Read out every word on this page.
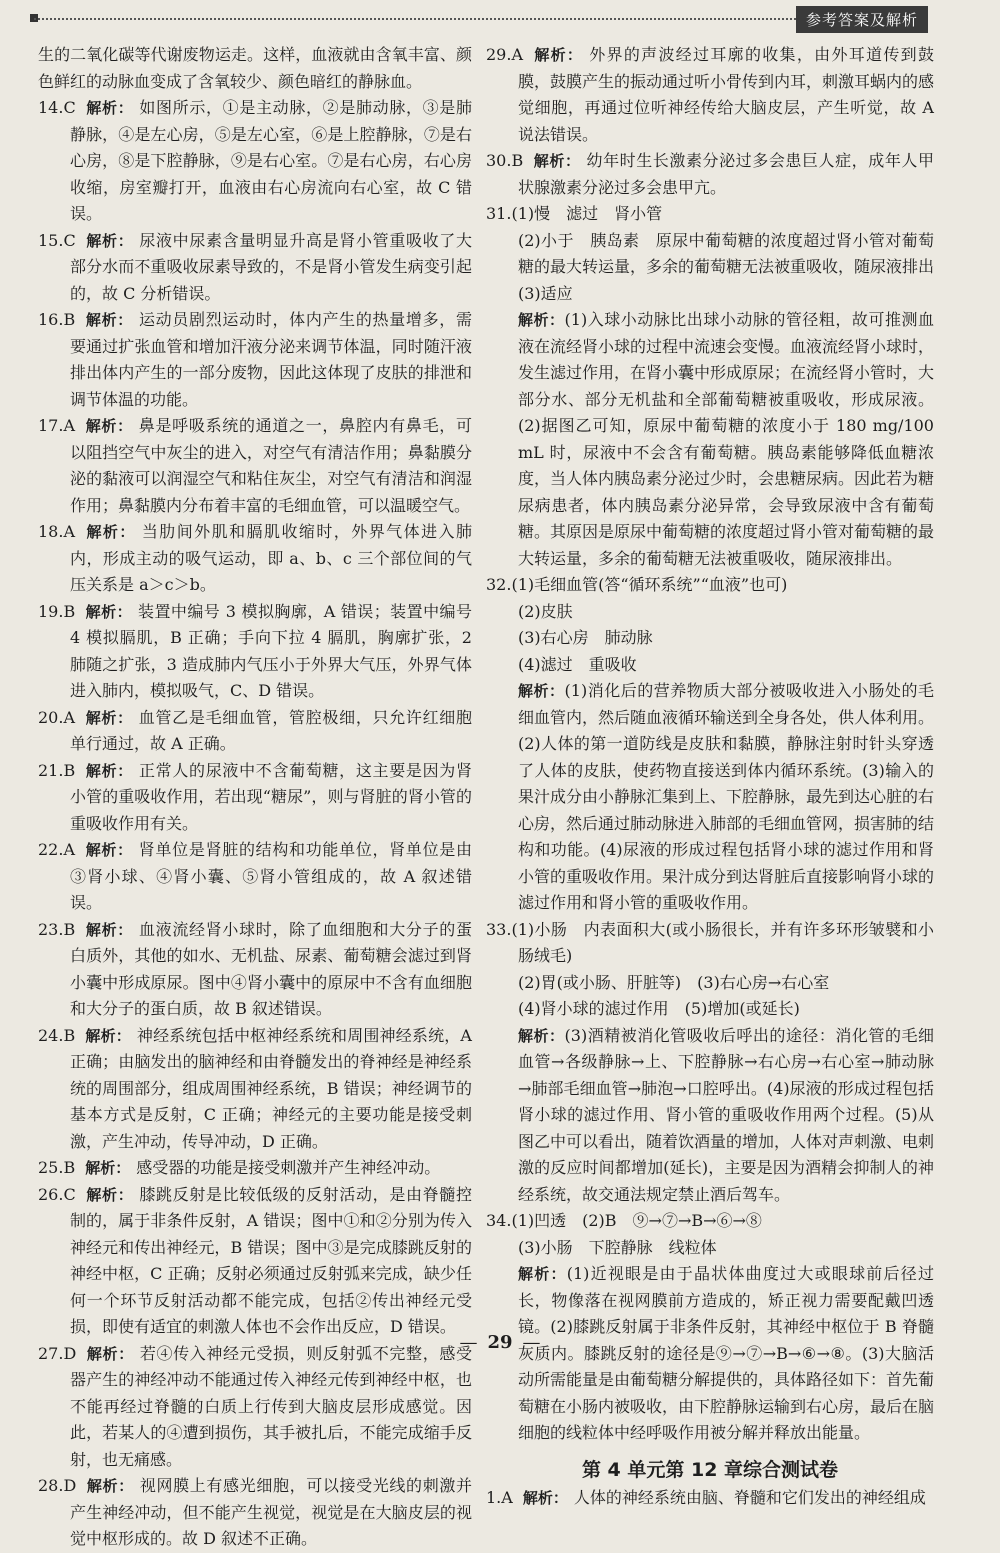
参考答案及解析

生的二氧化碳等代谢废物运走。这样，血液就由含氧丰富、颜色鲜红的动脉血变成了含氧较少、颜色暗红的静脉血。

14.C 解析： 如图所示，①是主动脉，②是肺动脉，③是肺静脉，④是左心房，⑤是左心室，⑥是上腔静脉，⑦是右心房，⑧是下腔静脉，⑨是右心室。⑦是右心房，右心房收缩，房室瓣打开，血液由右心房流向右心室，故 C 错误。

15.C 解析： 尿液中尿素含量明显升高是肾小管重吸收了大部分水而不重吸收尿素导致的，不是肾小管发生病变引起的，故 C 分析错误。

16.B 解析： 运动员剧烈运动时，体内产生的热量增多，需要通过扩张血管和增加汗液分泌来调节体温，同时随汗液排出体内产生的一部分废物，因此这体现了皮肤的排泄和调节体温的功能。

17.A 解析： 鼻是呼吸系统的通道之一，鼻腔内有鼻毛，可以阻挡空气中灰尘的进入，对空气有清洁作用；鼻黏膜分泌的黏液可以润湿空气和粘住灰尘，对空气有清洁和润湿作用；鼻黏膜内分布着丰富的毛细血管，可以温暖空气。

18.A 解析： 当肋间外肌和膈肌收缩时，外界气体进入肺内，形成主动的吸气运动，即 a、b、c 三个部位间的气压关系是 a＞c＞b。

19.B 解析： 装置中编号 3 模拟胸廓，A 错误；装置中编号 4 模拟膈肌，B 正确；手向下拉 4 膈肌，胸廓扩张，2 肺随之扩张，3 造成肺内气压小于外界大气压，外界气体进入肺内，模拟吸气，C、D 错误。

20.A 解析： 血管乙是毛细血管，管腔极细，只允许红细胞单行通过，故 A 正确。

21.B 解析： 正常人的尿液中不含葡萄糖，这主要是因为肾小管的重吸收作用，若出现“糖尿”，则与肾脏的肾小管的重吸收作用有关。

22.A 解析： 肾单位是肾脏的结构和功能单位，肾单位是由③肾小球、④肾小囊、⑤肾小管组成的，故 A 叙述错误。

23.B 解析： 血液流经肾小球时，除了血细胞和大分子的蛋白质外，其他的如水、无机盐、尿素、葡萄糖会滤过到肾小囊中形成原尿。图中④肾小囊中的原尿中不含有血细胞和大分子的蛋白质，故 B 叙述错误。

24.B 解析： 神经系统包括中枢神经系统和周围神经系统，A 正确；由脑发出的脑神经和由脊髓发出的脊神经是神经系统的周围部分，组成周围神经系统，B 错误；神经调节的基本方式是反射，C 正确；神经元的主要功能是接受刺激，产生冲动，传导冲动，D 正确。

25.B 解析： 感受器的功能是接受刺激并产生神经冲动。

26.C 解析： 膝跳反射是比较低级的反射活动，是由脊髓控制的，属于非条件反射，A 错误；图中①和②分别为传入神经元和传出神经元，B 错误；图中③是完成膝跳反射的神经中枢，C 正确；反射必须通过反射弧来完成，缺少任何一个环节反射活动都不能完成，包括②传出神经元受损，即使有适宜的刺激人体也不会作出反应，D 错误。

27.D 解析： 若④传入神经元受损，则反射弧不完整，感受器产生的神经冲动不能通过传入神经元传到神经中枢，也不能再经过脊髓的白质上行传到大脑皮层形成感觉。因此，若某人的④遭到损伤，其手被扎后，不能完成缩手反射，也无痛感。

28.D 解析： 视网膜上有感光细胞，可以接受光线的刺激并产生神经冲动，但不能产生视觉，视觉是在大脑皮层的视觉中枢形成的。故 D 叙述不正确。

29.A 解析： 外界的声波经过耳廓的收集，由外耳道传到鼓膜，鼓膜产生的振动通过听小骨传到内耳，刺激耳蜗内的感觉细胞，再通过位听神经传给大脑皮层，产生听觉，故 A 说法错误。

30.B 解析： 幼年时生长激素分泌过多会患巨人症，成年人甲状腺激素分泌过多会患甲亢。

31.(1)慢　滤过　肾小管

(2)小于　胰岛素　原尿中葡萄糖的浓度超过肾小管对葡萄糖的最大转运量，多余的葡萄糖无法被重吸收，随尿液排出

(3)适应

解析：(1)入球小动脉比出球小动脉的管径粗，故可推测血液在流经肾小球的过程中流速会变慢。血液流经肾小球时，发生滤过作用，在肾小囊中形成原尿；在流经肾小管时，大部分水、部分无机盐和全部葡萄糖被重吸收，形成尿液。(2)据图乙可知，原尿中葡萄糖的浓度小于 180 mg/100 mL 时，尿液中不会含有葡萄糖。胰岛素能够降低血糖浓度，当人体内胰岛素分泌过少时，会患糖尿病。因此若为糖尿病患者，体内胰岛素分泌异常，会导致尿液中含有葡萄糖。其原因是原尿中葡萄糖的浓度超过肾小管对葡萄糖的最大转运量，多余的葡萄糖无法被重吸收，随尿液排出。

32.(1)毛细血管(答“循环系统”“血液”也可)

(2)皮肤

(3)右心房　肺动脉

(4)滤过　重吸收

解析：(1)消化后的营养物质大部分被吸收进入小肠处的毛细血管内，然后随血液循环输送到全身各处，供人体利用。(2)人体的第一道防线是皮肤和黏膜，静脉注射时针头穿透了人体的皮肤，使药物直接送到体内循环系统。(3)输入的果汁成分由小静脉汇集到上、下腔静脉，最先到达心脏的右心房，然后通过肺动脉进入肺部的毛细血管网，损害肺的结构和功能。(4)尿液的形成过程包括肾小球的滤过作用和肾小管的重吸收作用。果汁成分到达肾脏后直接影响肾小球的滤过作用和肾小管的重吸收作用。

33.(1)小肠　内表面积大(或小肠很长，并有许多环形皱襞和小肠绒毛)

(2)胃(或小肠、肝脏等)　(3)右心房→右心室

(4)肾小球的滤过作用　(5)增加(或延长)

解析：(3)酒精被消化管吸收后呼出的途径：消化管的毛细血管→各级静脉→上、下腔静脉→右心房→右心室→肺动脉→肺部毛细血管→肺泡→口腔呼出。(4)尿液的形成过程包括肾小球的滤过作用、肾小管的重吸收作用两个过程。(5)从图乙中可以看出，随着饮酒量的增加，人体对声刺激、电刺激的反应时间都增加(延长)，主要是因为酒精会抑制人的神经系统，故交通法规定禁止酒后驾车。

34.(1)凹透　(2)B　⑨→⑦→B→⑥→⑧

(3)小肠　下腔静脉　线粒体

解析：(1)近视眼是由于晶状体曲度过大或眼球前后径过长，物像落在视网膜前方造成的，矫正视力需要配戴凹透镜。(2)膝跳反射属于非条件反射，其神经中枢位于 B 脊髓灰质内。膝跳反射的途径是⑨→⑦→B→⑥→⑧。(3)大脑活动所需能量是由葡萄糖分解提供的，具体路径如下：首先葡萄糖在小肠内被吸收，由下腔静脉运输到右心房，最后在脑细胞的线粒体中经呼吸作用被分解并释放出能量。

第 4 单元第 12 章综合测试卷

1.A 解析： 人体的神经系统由脑、脊髓和它们发出的神经组成

— 29 —
